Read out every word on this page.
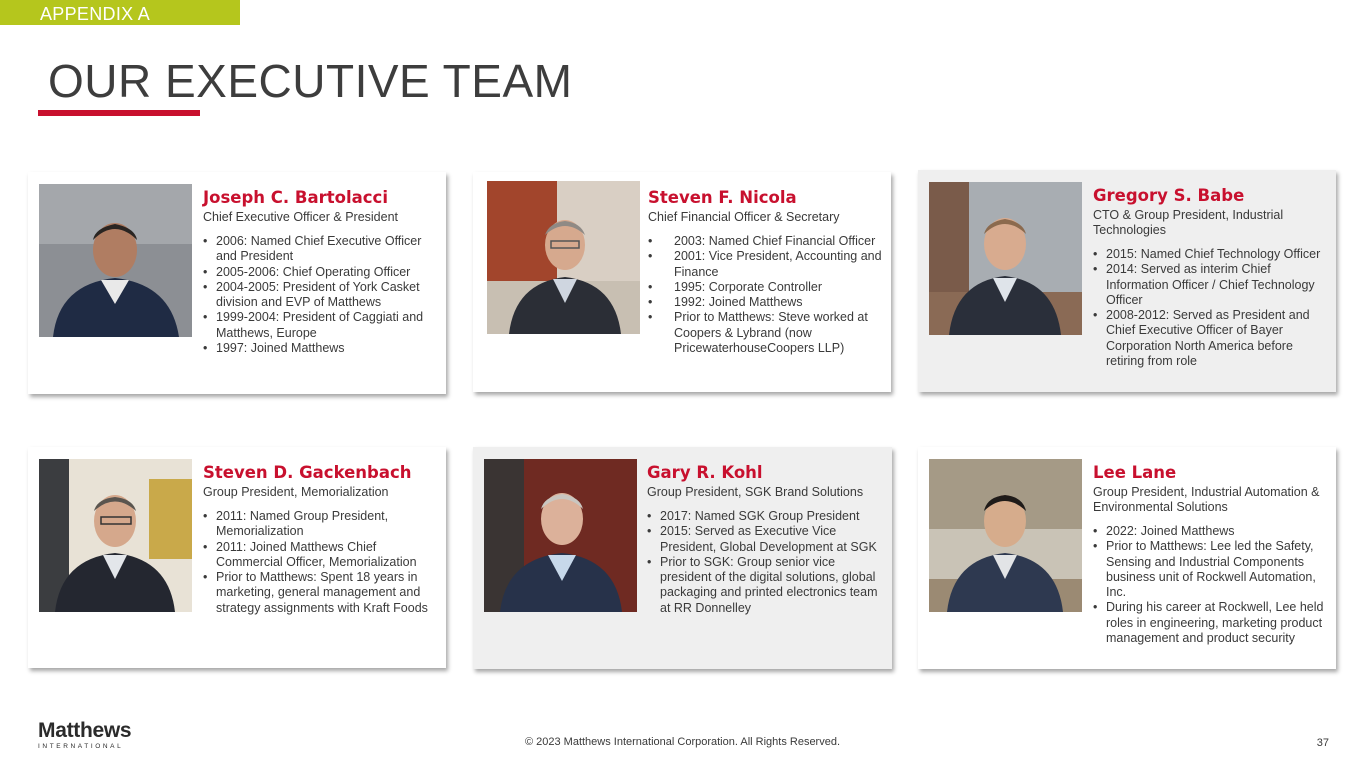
APPENDIX A
OUR EXECUTIVE TEAM
Joseph C. Bartolacci
Chief Executive Officer & President
• 2006: Named Chief Executive Officer and President
• 2005-2006: Chief Operating Officer
• 2004-2005: President of York Casket division and EVP of Matthews
• 1999-2004: President of Caggiati and Matthews, Europe
• 1997: Joined Matthews
Steven F. Nicola
Chief Financial Officer & Secretary
• 2003: Named Chief Financial Officer
• 2001: Vice President, Accounting and Finance
• 1995: Corporate Controller
• 1992: Joined Matthews
• Prior to Matthews: Steve worked at Coopers & Lybrand (now PricewaterhouseCoopers LLP)
Gregory S. Babe
CTO & Group President, Industrial Technologies
• 2015: Named Chief Technology Officer
• 2014: Served as interim Chief Information Officer / Chief Technology Officer
• 2008-2012: Served as President and Chief Executive Officer of Bayer Corporation North America before retiring from role
Steven D. Gackenbach
Group President, Memorialization
• 2011: Named Group President, Memorialization
• 2011: Joined Matthews Chief Commercial Officer, Memorialization
• Prior to Matthews: Spent 18 years in marketing, general management and strategy assignments with Kraft Foods
Gary R. Kohl
Group President, SGK Brand Solutions
• 2017: Named SGK Group President
• 2015: Served as Executive Vice President, Global Development at SGK
• Prior to SGK: Group senior vice president of the digital solutions, global packaging and printed electronics team at RR Donnelley
Lee Lane
Group President, Industrial Automation & Environmental Solutions
• 2022: Joined Matthews
• Prior to Matthews: Lee led the Safety, Sensing and Industrial Components business unit of Rockwell Automation, Inc.
• During his career at Rockwell, Lee held roles in engineering, marketing product management and product security
Matthews
INTERNATIONAL	© 2023 Matthews International Corporation. All Rights Reserved.	37
